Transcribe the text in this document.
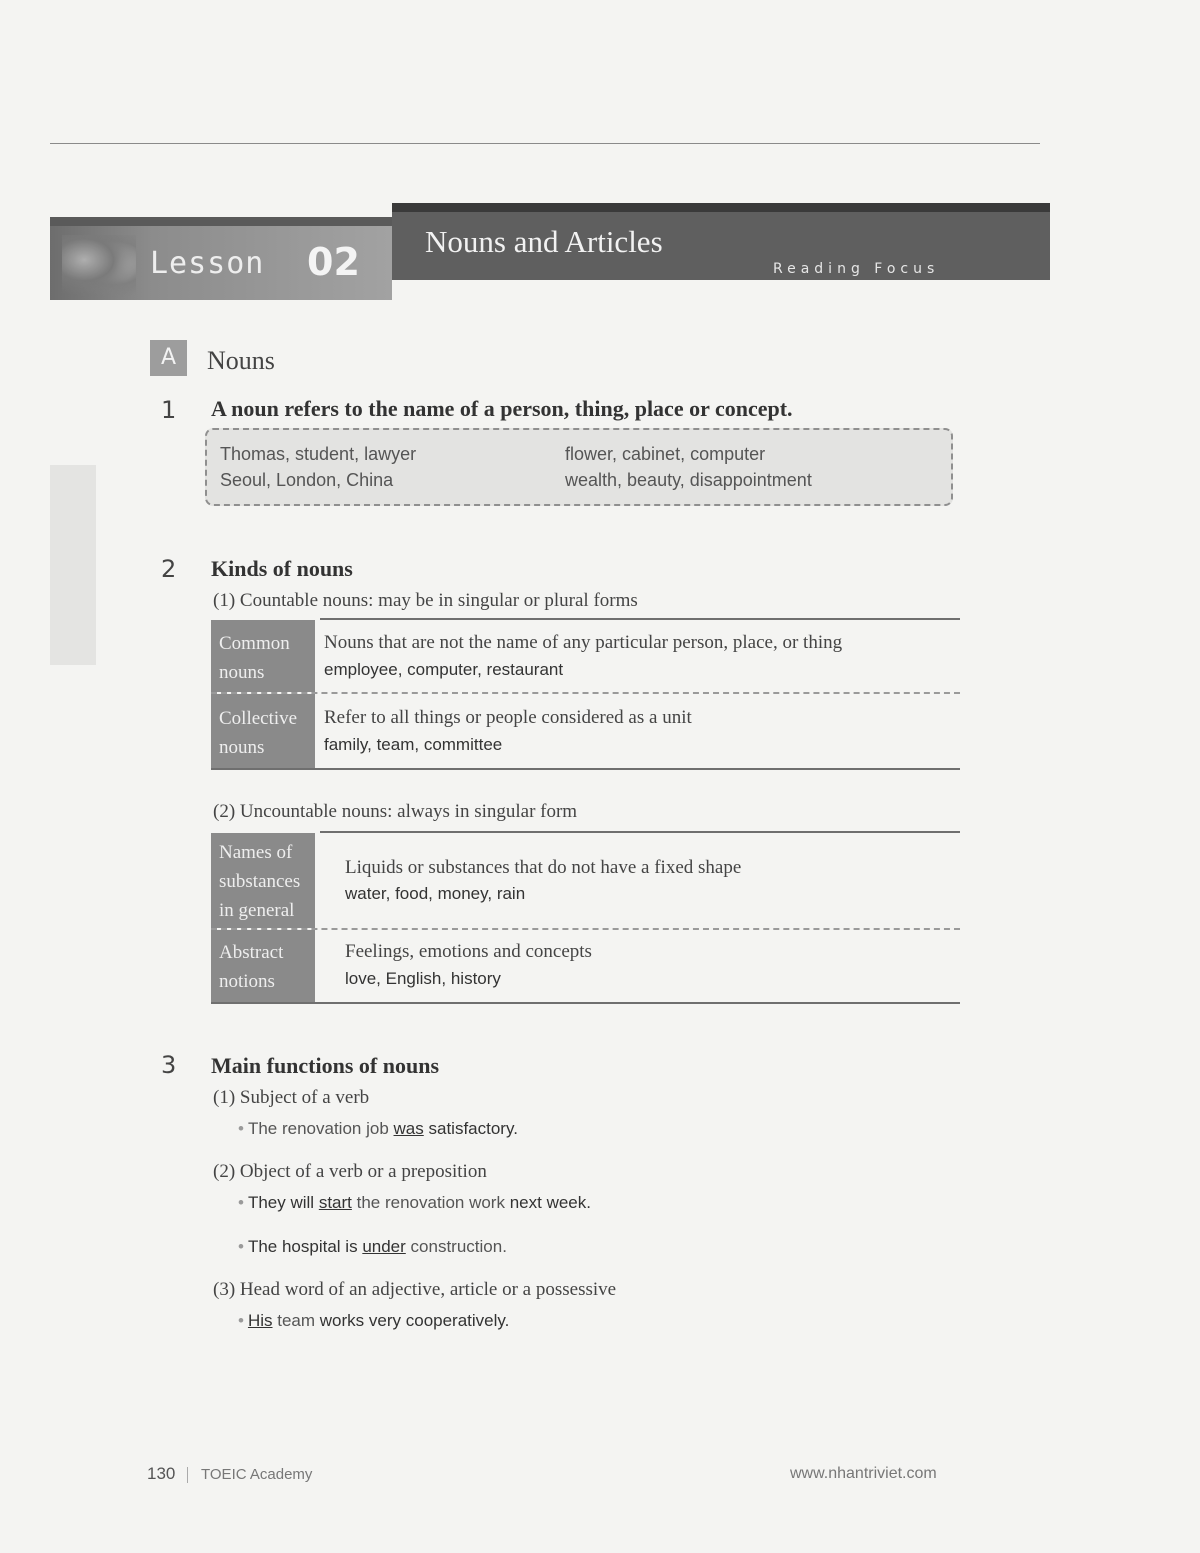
Lesson 02 Nouns and Articles
Reading Focus
A	Nouns
1 A noun refers to the name of a person, thing, place or concept.
Thomas, student, lawyer
Seoul, London, China
flower, cabinet, computer
wealth, beauty, disappointment
2 Kinds of nouns
(1) Countable nouns: may be in singular or plural forms
Common
nouns
Nouns that are not the name of any particular person, place, or thing
employee, computer, restaurant
Collective
nouns
Refer to all things or people considered as a unit
family, team, committee
(2) Uncountable nouns: always in singular form
Names of
substances
in general
Liquids or substances that do not have a fixed shape
water, food, money, rain
Abstract
notions
Feelings, emotions and concepts
love, English, history
3 Main functions of nouns
(1) Subject of a verb
• The renovation job was satisfactory.
(2) Object of a verb or a preposition
• They will start the renovation work next week.
• The hospital is under construction.
(3) Head word of an adjective, article or a possessive
• His team works very cooperatively.
130 TOEIC Academy	www.nhantriviet.com
